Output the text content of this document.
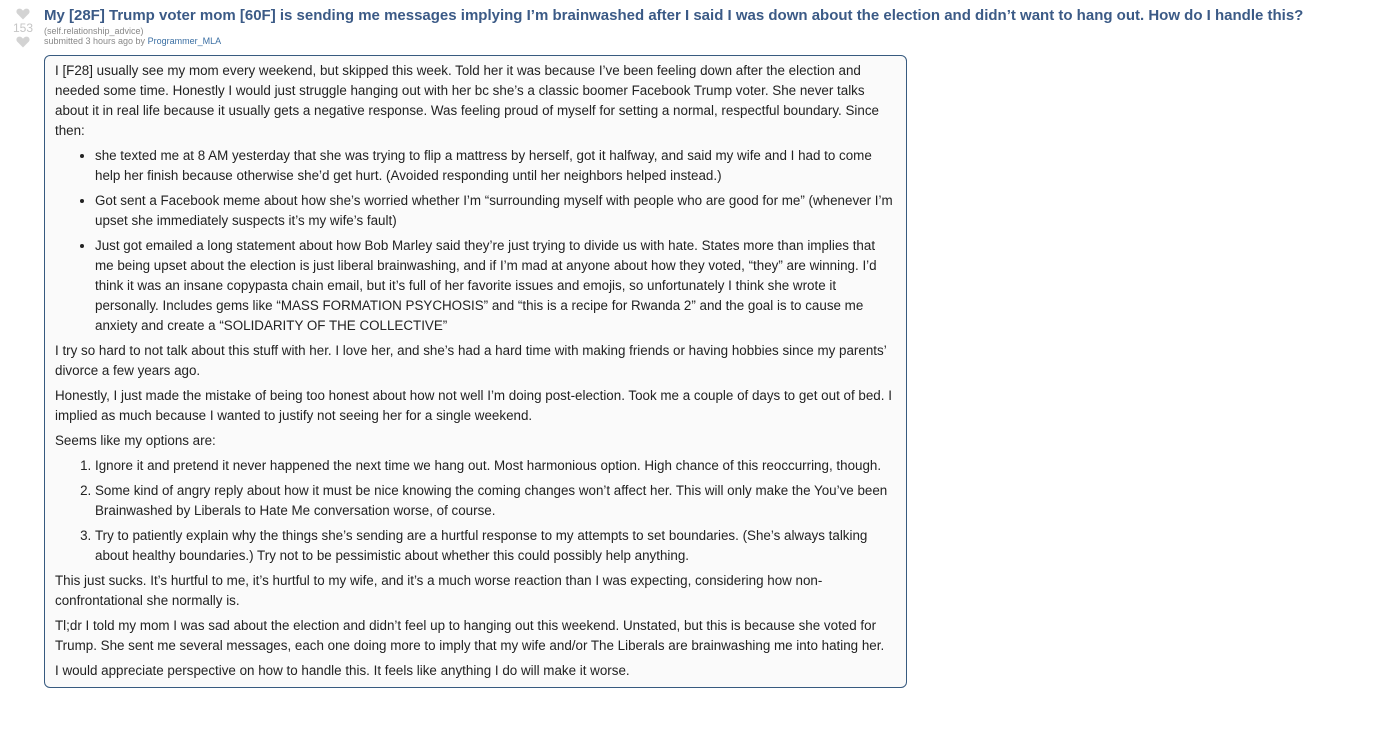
153

My [28F] Trump voter mom [60F] is sending me messages implying I’m brainwashed after I said I was down about the election and didn’t want to hang out. How do I handle this?

(self.relationship_advice)
submitted 3 hours ago by Programmer_MLA

I [F28] usually see my mom every weekend, but skipped this week. Told her it was because I’ve been feeling down after the election and needed some time. Honestly I would just struggle hanging out with her bc she’s a classic boomer Facebook Trump voter. She never talks about it in real life because it usually gets a negative response. Was feeling proud of myself for setting a normal, respectful boundary. Since then:

• she texted me at 8 AM yesterday that she was trying to flip a mattress by herself, got it halfway, and said my wife and I had to come help her finish because otherwise she’d get hurt. (Avoided responding until her neighbors helped instead.)
• Got sent a Facebook meme about how she’s worried whether I’m “surrounding myself with people who are good for me” (whenever I’m upset she immediately suspects it’s my wife’s fault)
• Just got emailed a long statement about how Bob Marley said they’re just trying to divide us with hate. States more than implies that me being upset about the election is just liberal brainwashing, and if I’m mad at anyone about how they voted, “they” are winning. I’d think it was an insane copypasta chain email, but it’s full of her favorite issues and emojis, so unfortunately I think she wrote it personally. Includes gems like “MASS FORMATION PSYCHOSIS” and “this is a recipe for Rwanda 2” and the goal is to cause me anxiety and create a “SOLIDARITY OF THE COLLECTIVE”

I try so hard to not talk about this stuff with her. I love her, and she’s had a hard time with making friends or having hobbies since my parents’ divorce a few years ago.

Honestly, I just made the mistake of being too honest about how not well I’m doing post-election. Took me a couple of days to get out of bed. I implied as much because I wanted to justify not seeing her for a single weekend.

Seems like my options are:

1. Ignore it and pretend it never happened the next time we hang out. Most harmonious option. High chance of this reoccurring, though.
2. Some kind of angry reply about how it must be nice knowing the coming changes won’t affect her. This will only make the You’ve been Brainwashed by Liberals to Hate Me conversation worse, of course.
3. Try to patiently explain why the things she’s sending are a hurtful response to my attempts to set boundaries. (She’s always talking about healthy boundaries.) Try not to be pessimistic about whether this could possibly help anything.

This just sucks. It’s hurtful to me, it’s hurtful to my wife, and it’s a much worse reaction than I was expecting, considering how non-confrontational she normally is.

Tl;dr I told my mom I was sad about the election and didn’t feel up to hanging out this weekend. Unstated, but this is because she voted for Trump. She sent me several messages, each one doing more to imply that my wife and/or The Liberals are brainwashing me into hating her.

I would appreciate perspective on how to handle this. It feels like anything I do will make it worse.
